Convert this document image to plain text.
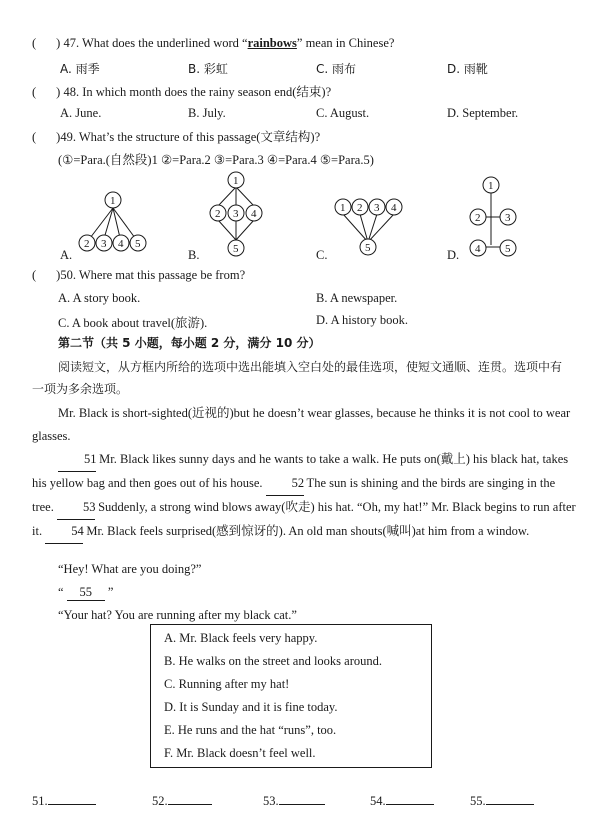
( ) 47. What does the underlined word “rainbows” mean in Chinese?
A. 雨季	B. 彩虹	C. 雨布	D. 雨靴
( ) 48. In which month does the rainy season end(结束)?
A. June.	B. July.	C. August.	D. September.
( )49. What’s the structure of this passage(文章结构)?
(①=Para.(自然段)1 ②=Para.2 ③=Para.3 ④=Para.4 ⑤=Para.5)
1
2 3 4 5
1
2 3 4
5
1 2 3 4
5
1
2 3
4 5
A.	B.	C.	D.
( )50. Where mat this passage be from?
A. A story book.	B. A newspaper.
C. A book about travel(旅游).	D. A history book.
第二节（共 5 小题，每小题 2 分，满分 10 分）
阅读短文，从方框内所给的选项中选出能填入空白处的最佳选项，使短文通顺、连贯。选项中有一项为多余选项。
Mr. Black is short-sighted(近视的)but he doesn’t wear glasses, because he thinks it is not cool to wear glasses.
51 Mr. Black likes sunny days and he wants to take a walk. He puts on(戴上) his black hat, takes his yellow bag and then goes out of his house. 52 The sun is shining and the birds are singing in the tree. 53 Suddenly, a strong wind blows away(吹走) his hat. “Oh, my hat!” Mr. Black begins to run after it. 54 Mr. Black feels surprised(感到惊讶的). An old man shouts(喊叫)at him from a window.
“Hey! What are you doing?”
“ 55 ”
“Your hat? You are running after my black cat.”
A. Mr. Black feels very happy.
B. He walks on the street and looks around.
C. Running after my hat!
D. It is Sunday and it is fine today.
E. He runs and the hat “runs”, too.
F. Mr. Black doesn’t feel well.
51.	52.	53.	54.	55.
